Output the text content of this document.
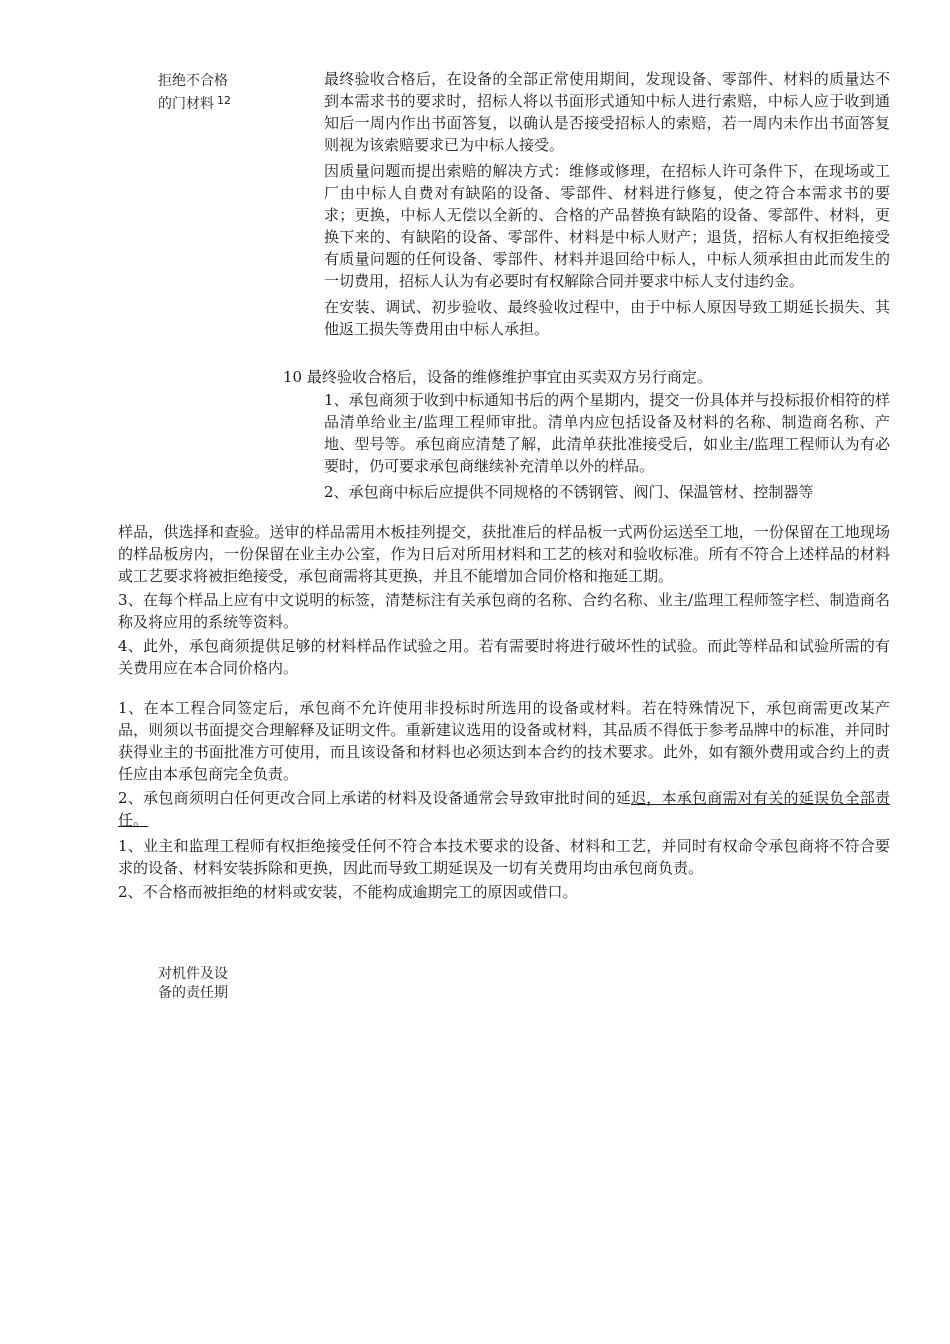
拒绝不合格
的门材料 $^{12}$

最终验收合格后，在设备的全部正常使用期间，发现设备、零部件、材料的质量达不到本需求书的要求时，招标人将以书面形式通知中标人进行索赔，中标人应于收到通知后一周内作出书面答复，以确认是否接受招标人的索赔，若一周内未作出书面答复则视为该索赔要求已为中标人接受。

因质量问题而提出索赔的解决方式：维修或修理，在招标人许可条件下，在现场或工厂由中标人自费对有缺陷的设备、零部件、材料进行修复，使之符合本需求书的要求；更换，中标人无偿以全新的、合格的产品替换有缺陷的设备、零部件、材料，更换下来的、有缺陷的设备、零部件、材料是中标人财产；退货，招标人有权拒绝接受有质量问题的任何设备、零部件、材料并退回给中标人，中标人须承担由此而发生的一切费用，招标人认为有必要时有权解除合同并要求中标人支付违约金。

在安装、调试、初步验收、最终验收过程中，由于中标人原因导致工期延长损失、其他返工损失等费用由中标人承担。

10 最终验收合格后，设备的维修维护事宜由买卖双方另行商定。

1、承包商须于收到中标通知书后的两个星期内，提交一份具体并与投标报价相符的样品清单给业主/监理工程师审批。清单内应包括设备及材料的名称、制造商名称、产地、型号等。承包商应清楚了解，此清单获批准接受后，如业主/监理工程师认为有必要时，仍可要求承包商继续补充清单以外的样品。

2、承包商中标后应提供不同规格的不锈钢管、阀门、保温管材、控制器等

样品，供选择和查验。送审的样品需用木板挂列提交，获批准后的样品板一式两份运送至工地，一份保留在工地现场的样品板房内，一份保留在业主办公室，作为日后对所用材料和工艺的核对和验收标准。所有不符合上述样品的材料或工艺要求将被拒绝接受，承包商需将其更换，并且不能增加合同价格和拖延工期。

3、在每个样品上应有中文说明的标签，清楚标注有关承包商的名称、合约名称、业主/监理工程师签字栏、制造商名称及将应用的系统等资料。

4、此外，承包商须提供足够的材料样品作试验之用。若有需要时将进行破坏性的试验。而此等样品和试验所需的有关费用应在本合同价格内。

1、在本工程合同签定后，承包商不允许使用非投标时所选用的设备或材料。若在特殊情况下，承包商需更改某产品，则须以书面提交合理解释及证明文件。重新建议选用的设备或材料，其品质不得低于参考品牌中的标准，并同时获得业主的书面批准方可使用，而且该设备和材料也必须达到本合约的技术要求。此外，如有额外费用或合约上的责任应由本承包商完全负责。

2、承包商须明白任何更改合同上承诺的材料及设备通常会导致审批时间的延迟，本承包商需对有关的延误负全部责任。

1、业主和监理工程师有权拒绝接受任何不符合本技术要求的设备、材料和工艺，并同时有权命令承包商将不符合要求的设备、材料安装拆除和更换，因此而导致工期延误及一切有关费用均由承包商负责。

2、不合格而被拒绝的材料或安装，不能构成逾期完工的原因或借口。

对机件及设
备的责任期
